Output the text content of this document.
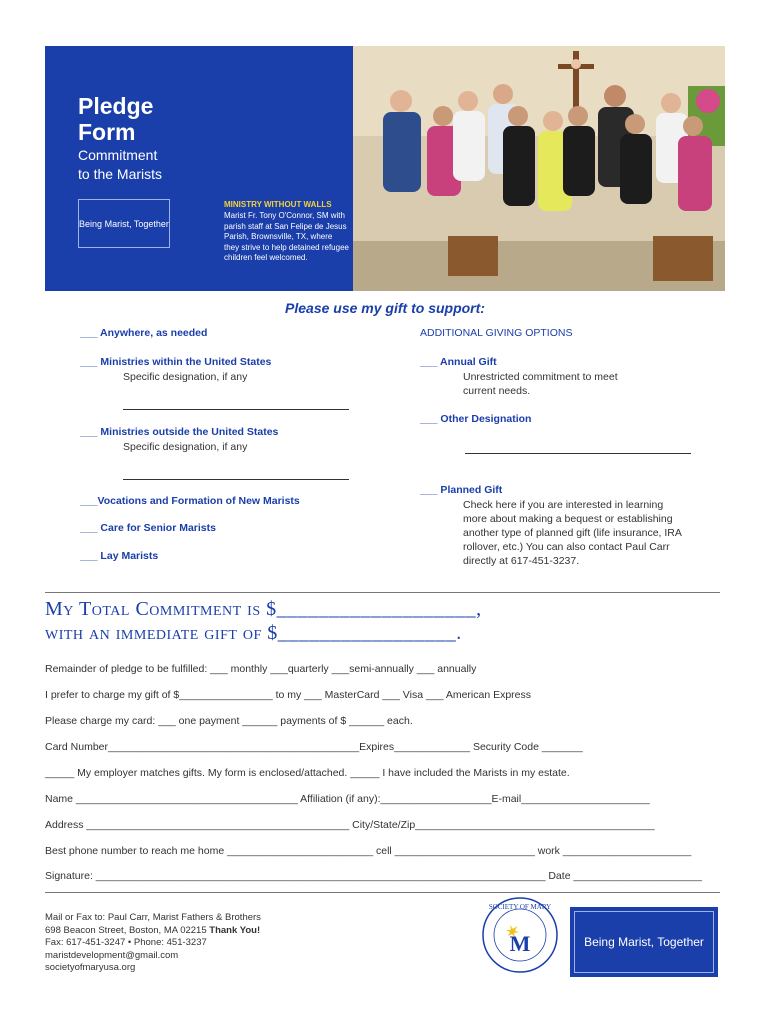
Pledge
Form
Commitment
to the Marists
Being Marist, Together
MINISTRY WITHOUT WALLS
Marist Fr. Tony O'Connor, SM with parish staff at San Felipe de Jesus Parish, Brownsville, TX, where they strive to help detained refugee children feel welcomed.
Please use my gift to support:
___ Anywhere, as needed
___ Ministries within the United States
Specific designation, if any
___ Ministries outside the United States
Specific designation, if any
___Vocations and Formation of New Marists
___ Care for Senior Marists
___ Lay Marists
ADDITIONAL GIVING OPTIONS
___ Annual Gift
Unrestricted commitment to meet
current needs.
___ Other Designation
___ Planned Gift
Check here if you are interested in learning
more about making a bequest or establishing
another type of planned gift (life insurance, IRA
rollover, etc.) You can also contact Paul Carr
directly at 617-451-3237.
My Total Commitment is $___________________,
with an immediate gift of $_________________.
Remainder of pledge to be fulfilled: ___ monthly ___quarterly ___semi-annually ___ annually
I prefer to charge my gift of $________________ to my ___ MasterCard ___ Visa ___ American Express
Please charge my card: ___ one payment ______ payments of $ ______ each.
Card Number___________________________________________Expires_____________ Security Code _______
_____ My employer matches gifts. My form is enclosed/attached. _____ I have included the Marists in my estate.
Name ______________________________________ Affiliation (if any):___________________E-mail______________________
Address _____________________________________________ City/State/Zip_________________________________________
Best phone number to reach me home _________________________ cell ________________________ work ______________________
Signature: _____________________________________________________________________________ Date ______________________
Mail or Fax to: Paul Carr, Marist Fathers & Brothers
698 Beacon Street, Boston, MA 02215 Thank You!
Fax: 617-451-3247 • Phone: 451-3237
maristdevelopment@gmail.com
societyofmaryusa.org
SOCIETY OF MARY
M	Being Marist, Together
